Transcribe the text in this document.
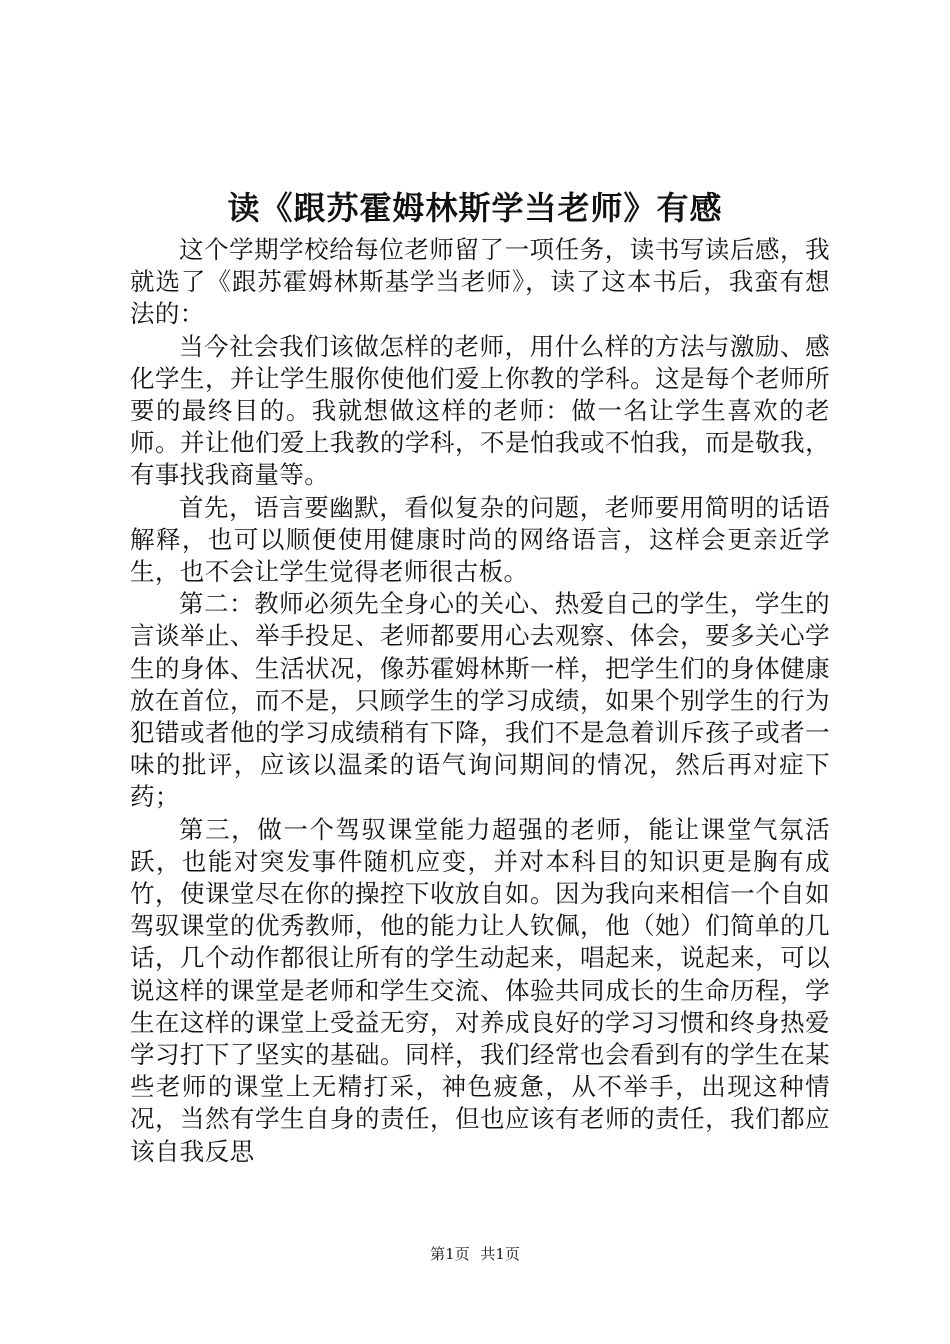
读《跟苏霍姆林斯学当老师》有感

这个学期学校给每位老师留了一项任务，读书写读后感，我就选了《跟苏霍姆林斯基学当老师》，读了这本书后，我蛮有想法的：

当今社会我们该做怎样的老师，用什么样的方法与激励、感化学生，并让学生服你使他们爱上你教的学科。这是每个老师所要的最终目的。我就想做这样的老师：做一名让学生喜欢的老师。并让他们爱上我教的学科，不是怕我或不怕我，而是敬我，有事找我商量等。

首先，语言要幽默，看似复杂的问题，老师要用简明的话语解释，也可以顺便使用健康时尚的网络语言，这样会更亲近学生，也不会让学生觉得老师很古板。

第二：教师必须先全身心的关心、热爱自己的学生，学生的言谈举止、举手投足、老师都要用心去观察、体会，要多关心学生的身体、生活状况，像苏霍姆林斯一样，把学生们的身体健康放在首位，而不是，只顾学生的学习成绩，如果个别学生的行为犯错或者他的学习成绩稍有下降，我们不是急着训斥孩子或者一味的批评，应该以温柔的语气询问期间的情况，然后再对症下药；

第三，做一个驾驭课堂能力超强的老师，能让课堂气氛活跃，也能对突发事件随机应变，并对本科目的知识更是胸有成竹，使课堂尽在你的操控下收放自如。因为我向来相信一个自如驾驭课堂的优秀教师，他的能力让人钦佩，他（她）们简单的几话，几个动作都很让所有的学生动起来，唱起来，说起来，可以说这样的课堂是老师和学生交流、体验共同成长的生命历程，学生在这样的课堂上受益无穷，对养成良好的学习习惯和终身热爱学习打下了坚实的基础。同样，我们经常也会看到有的学生在某些老师的课堂上无精打采，神色疲惫，从不举手，出现这种情况，当然有学生自身的责任，但也应该有老师的责任，我们都应该自我反思

第1页 共1页
